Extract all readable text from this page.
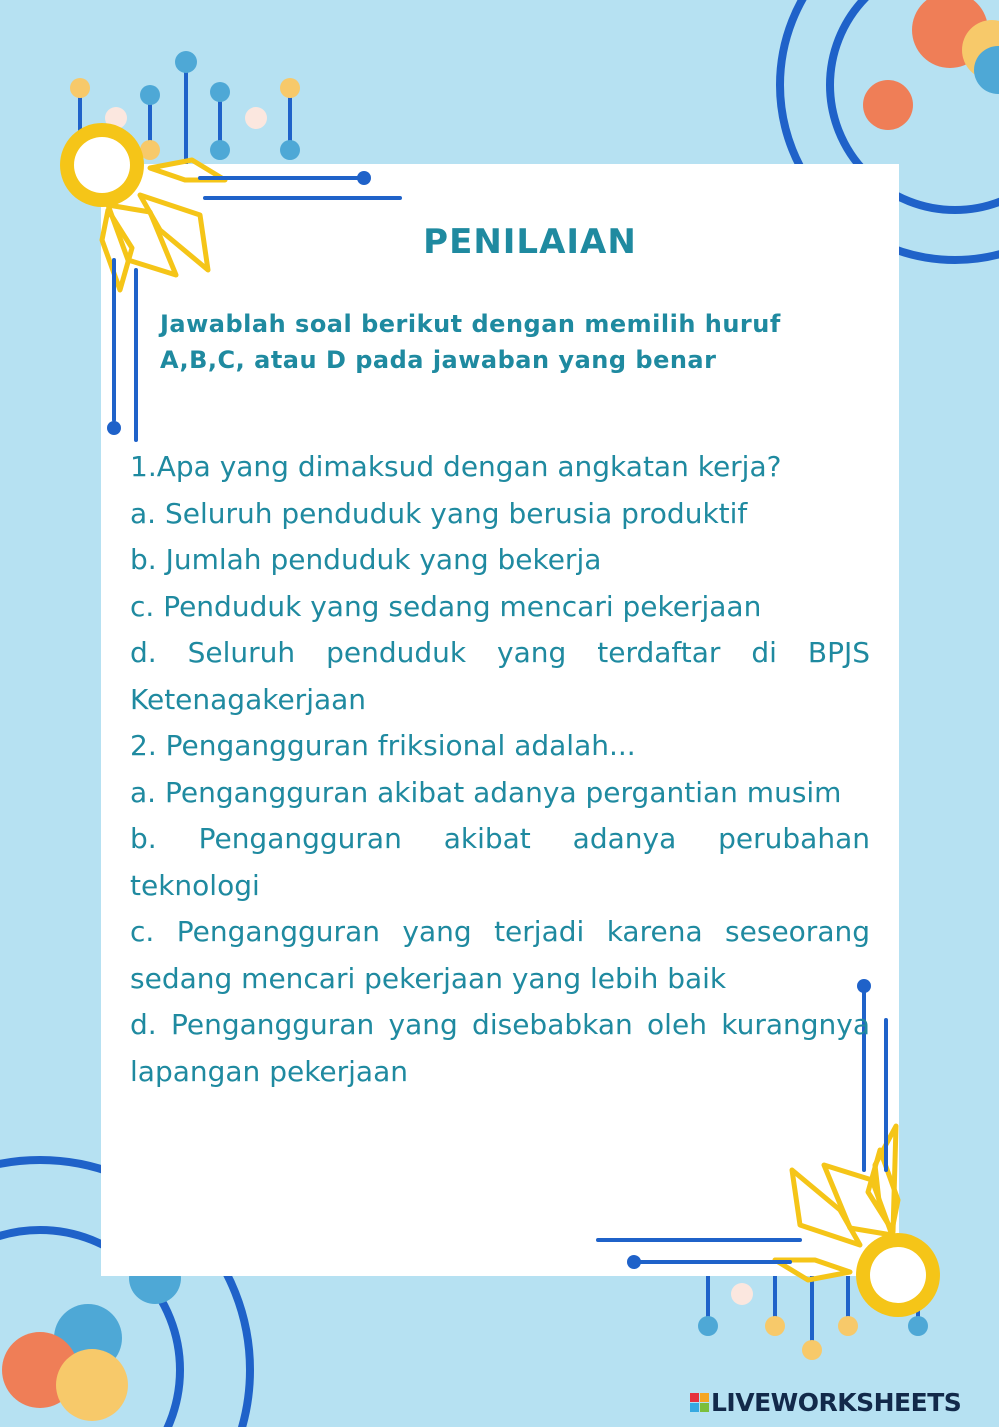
PENILAIAN
Jawablah soal berikut dengan memilih huruf
A,B,C, atau D pada jawaban yang benar

1.Apa yang dimaksud dengan angkatan kerja?

a. Seluruh penduduk yang berusia produktif

b. Jumlah penduduk yang bekerja

c. Penduduk yang sedang mencari pekerjaan

d. Seluruh penduduk yang terdaftar di BPJS Ketenagakerjaan

2. Pengangguran friksional adalah...

a. Pengangguran akibat adanya pergantian musim

b. Pengangguran akibat adanya perubahan teknologi

c. Pengangguran yang terjadi karena seseorang sedang mencari pekerjaan yang lebih baik

d. Pengangguran yang disebabkan oleh kurangnya lapangan pekerjaan

LIVEWORKSHEETS
